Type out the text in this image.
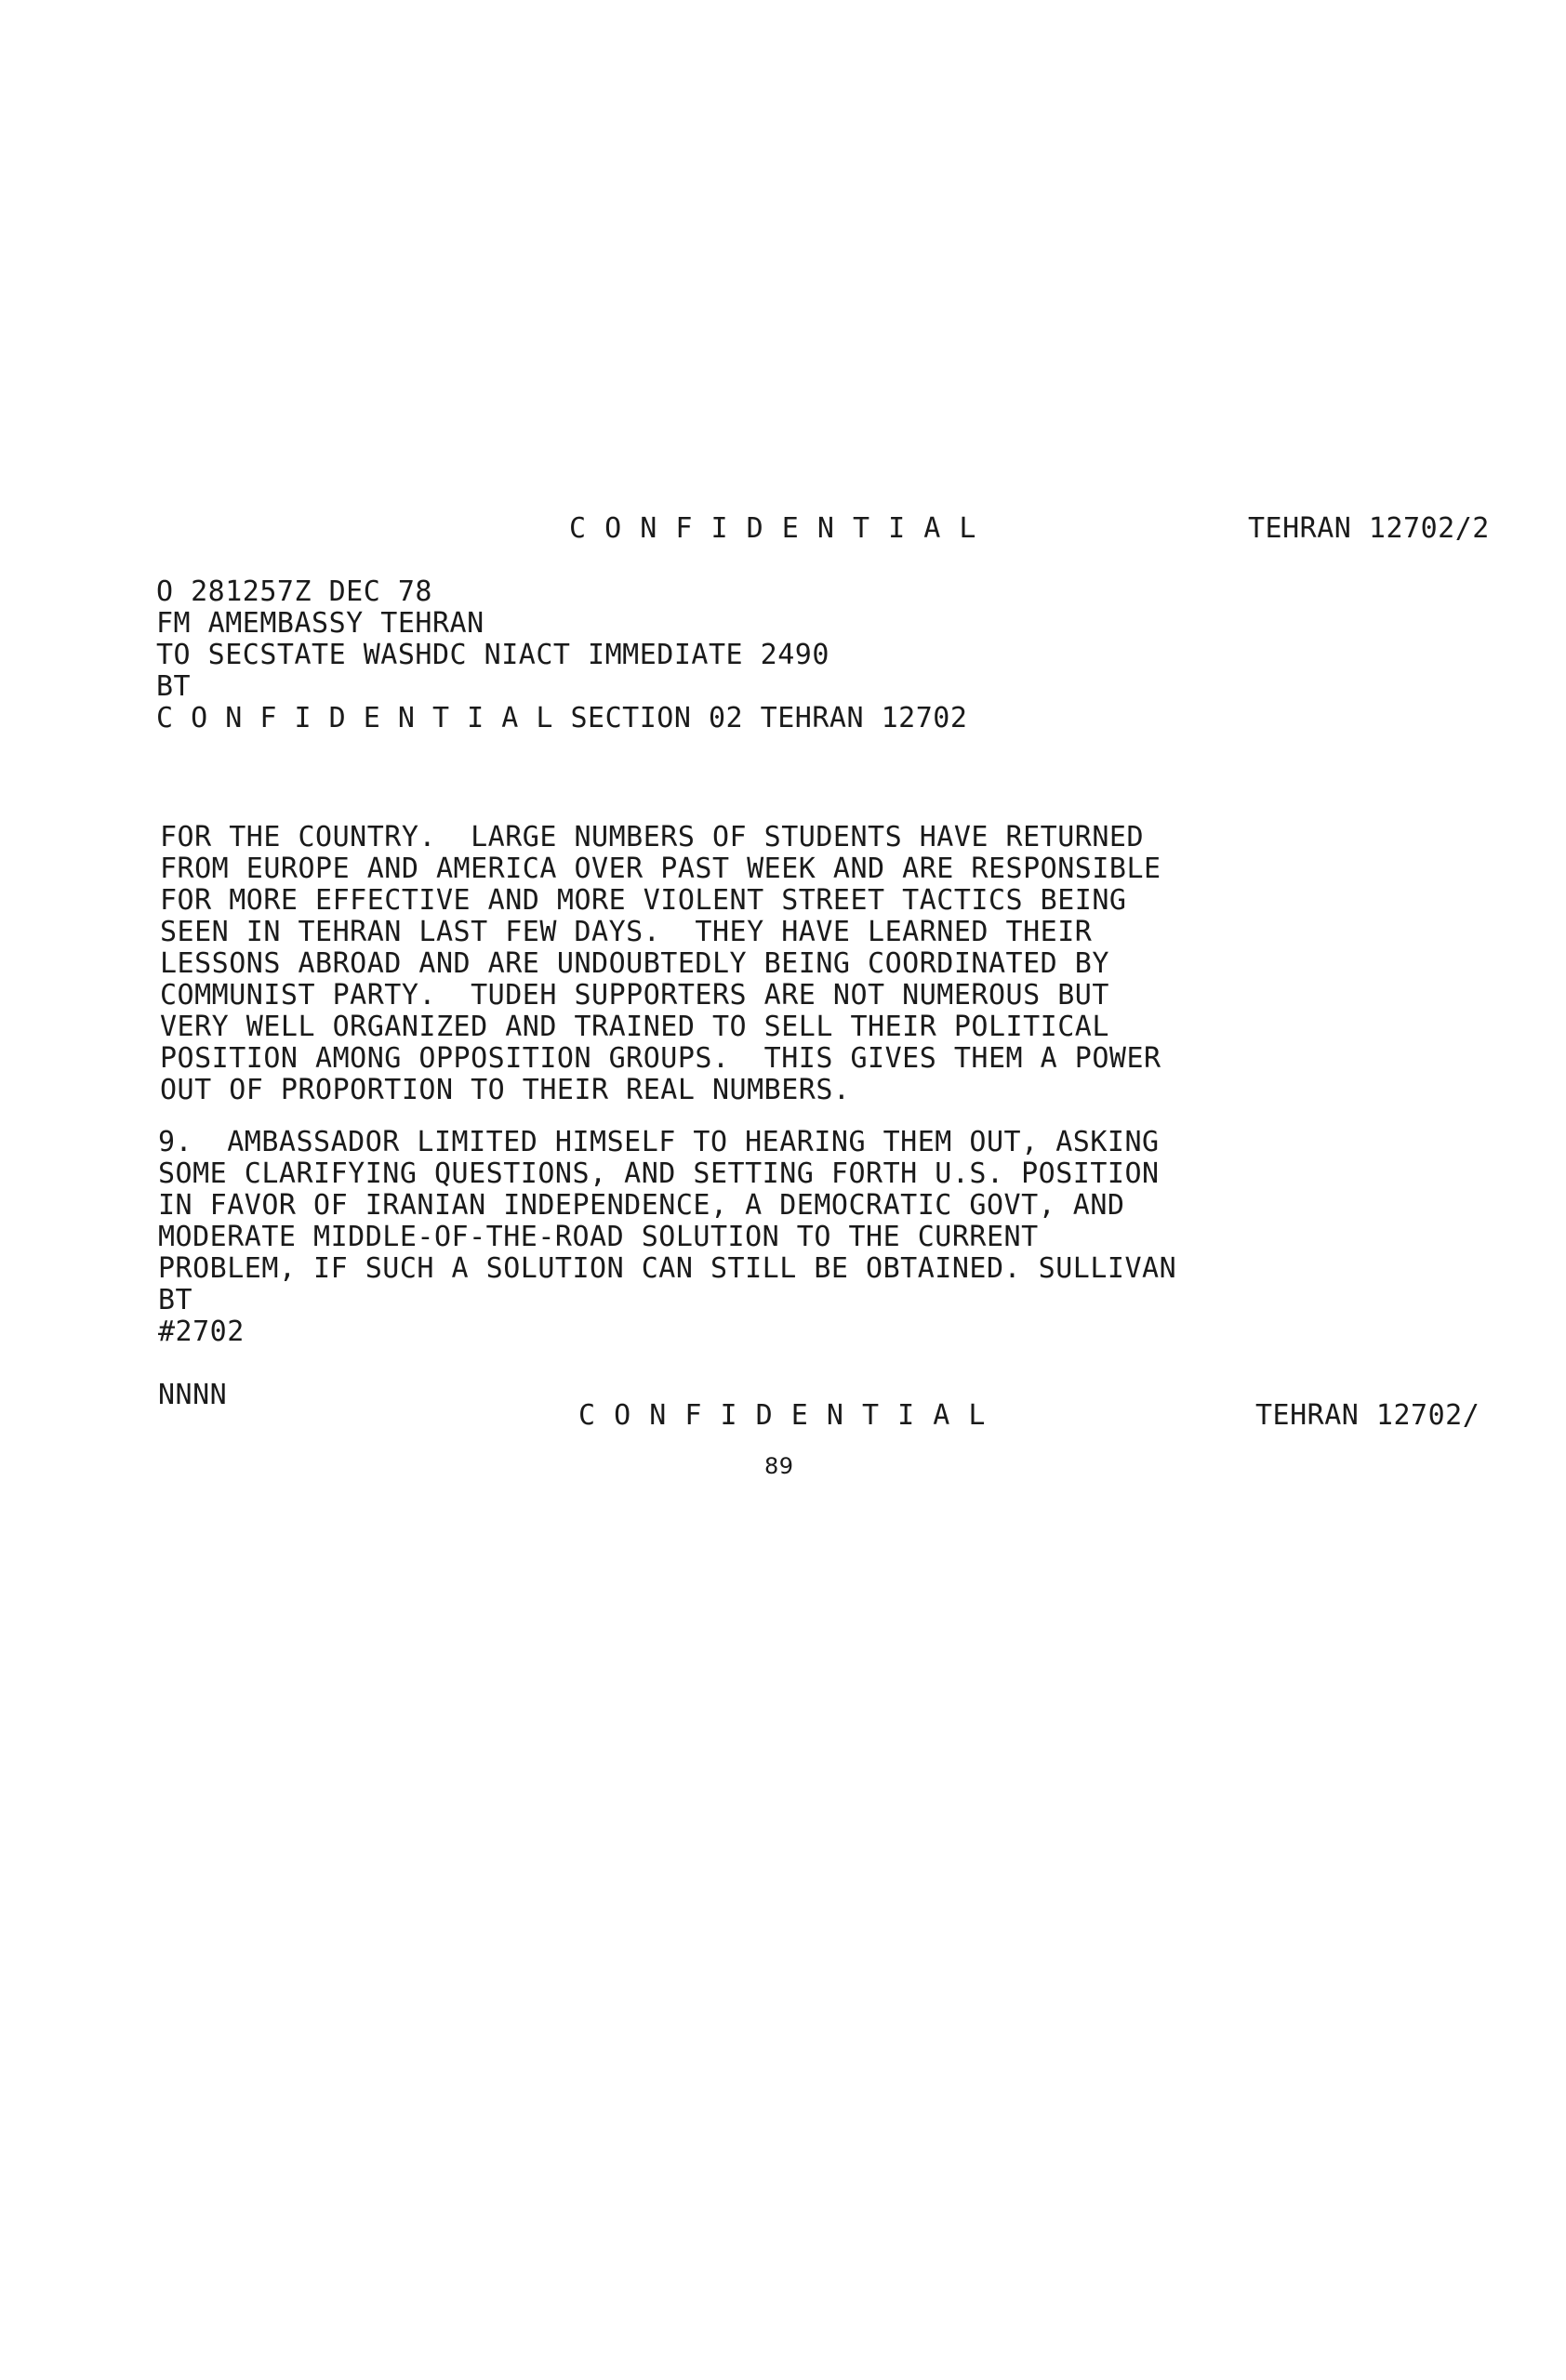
C O N F I D E N T I A L	TEHRAN 12702/2
O 281257Z DEC 78
FM AMEMBASSY TEHRAN
TO SECSTATE WASHDC NIACT IMMEDIATE 2490
BT
C O N F I D E N T I A L SECTION 02 TEHRAN 12702
FOR THE COUNTRY.  LARGE NUMBERS OF STUDENTS HAVE RETURNED
FROM EUROPE AND AMERICA OVER PAST WEEK AND ARE RESPONSIBLE
FOR MORE EFFECTIVE AND MORE VIOLENT STREET TACTICS BEING
SEEN IN TEHRAN LAST FEW DAYS.  THEY HAVE LEARNED THEIR
LESSONS ABROAD AND ARE UNDOUBTEDLY BEING COORDINATED BY
COMMUNIST PARTY.  TUDEH SUPPORTERS ARE NOT NUMEROUS BUT
VERY WELL ORGANIZED AND TRAINED TO SELL THEIR POLITICAL
POSITION AMONG OPPOSITION GROUPS.  THIS GIVES THEM A POWER
OUT OF PROPORTION TO THEIR REAL NUMBERS.
9.  AMBASSADOR LIMITED HIMSELF TO HEARING THEM OUT, ASKING
SOME CLARIFYING QUESTIONS, AND SETTING FORTH U.S. POSITION
IN FAVOR OF IRANIAN INDEPENDENCE, A DEMOCRATIC GOVT, AND
MODERATE MIDDLE-OF-THE-ROAD SOLUTION TO THE CURRENT
PROBLEM, IF SUCH A SOLUTION CAN STILL BE OBTAINED. SULLIVAN
BT
#2702
NNNN
C O N F I D E N T I A L	TEHRAN 12702/
89
